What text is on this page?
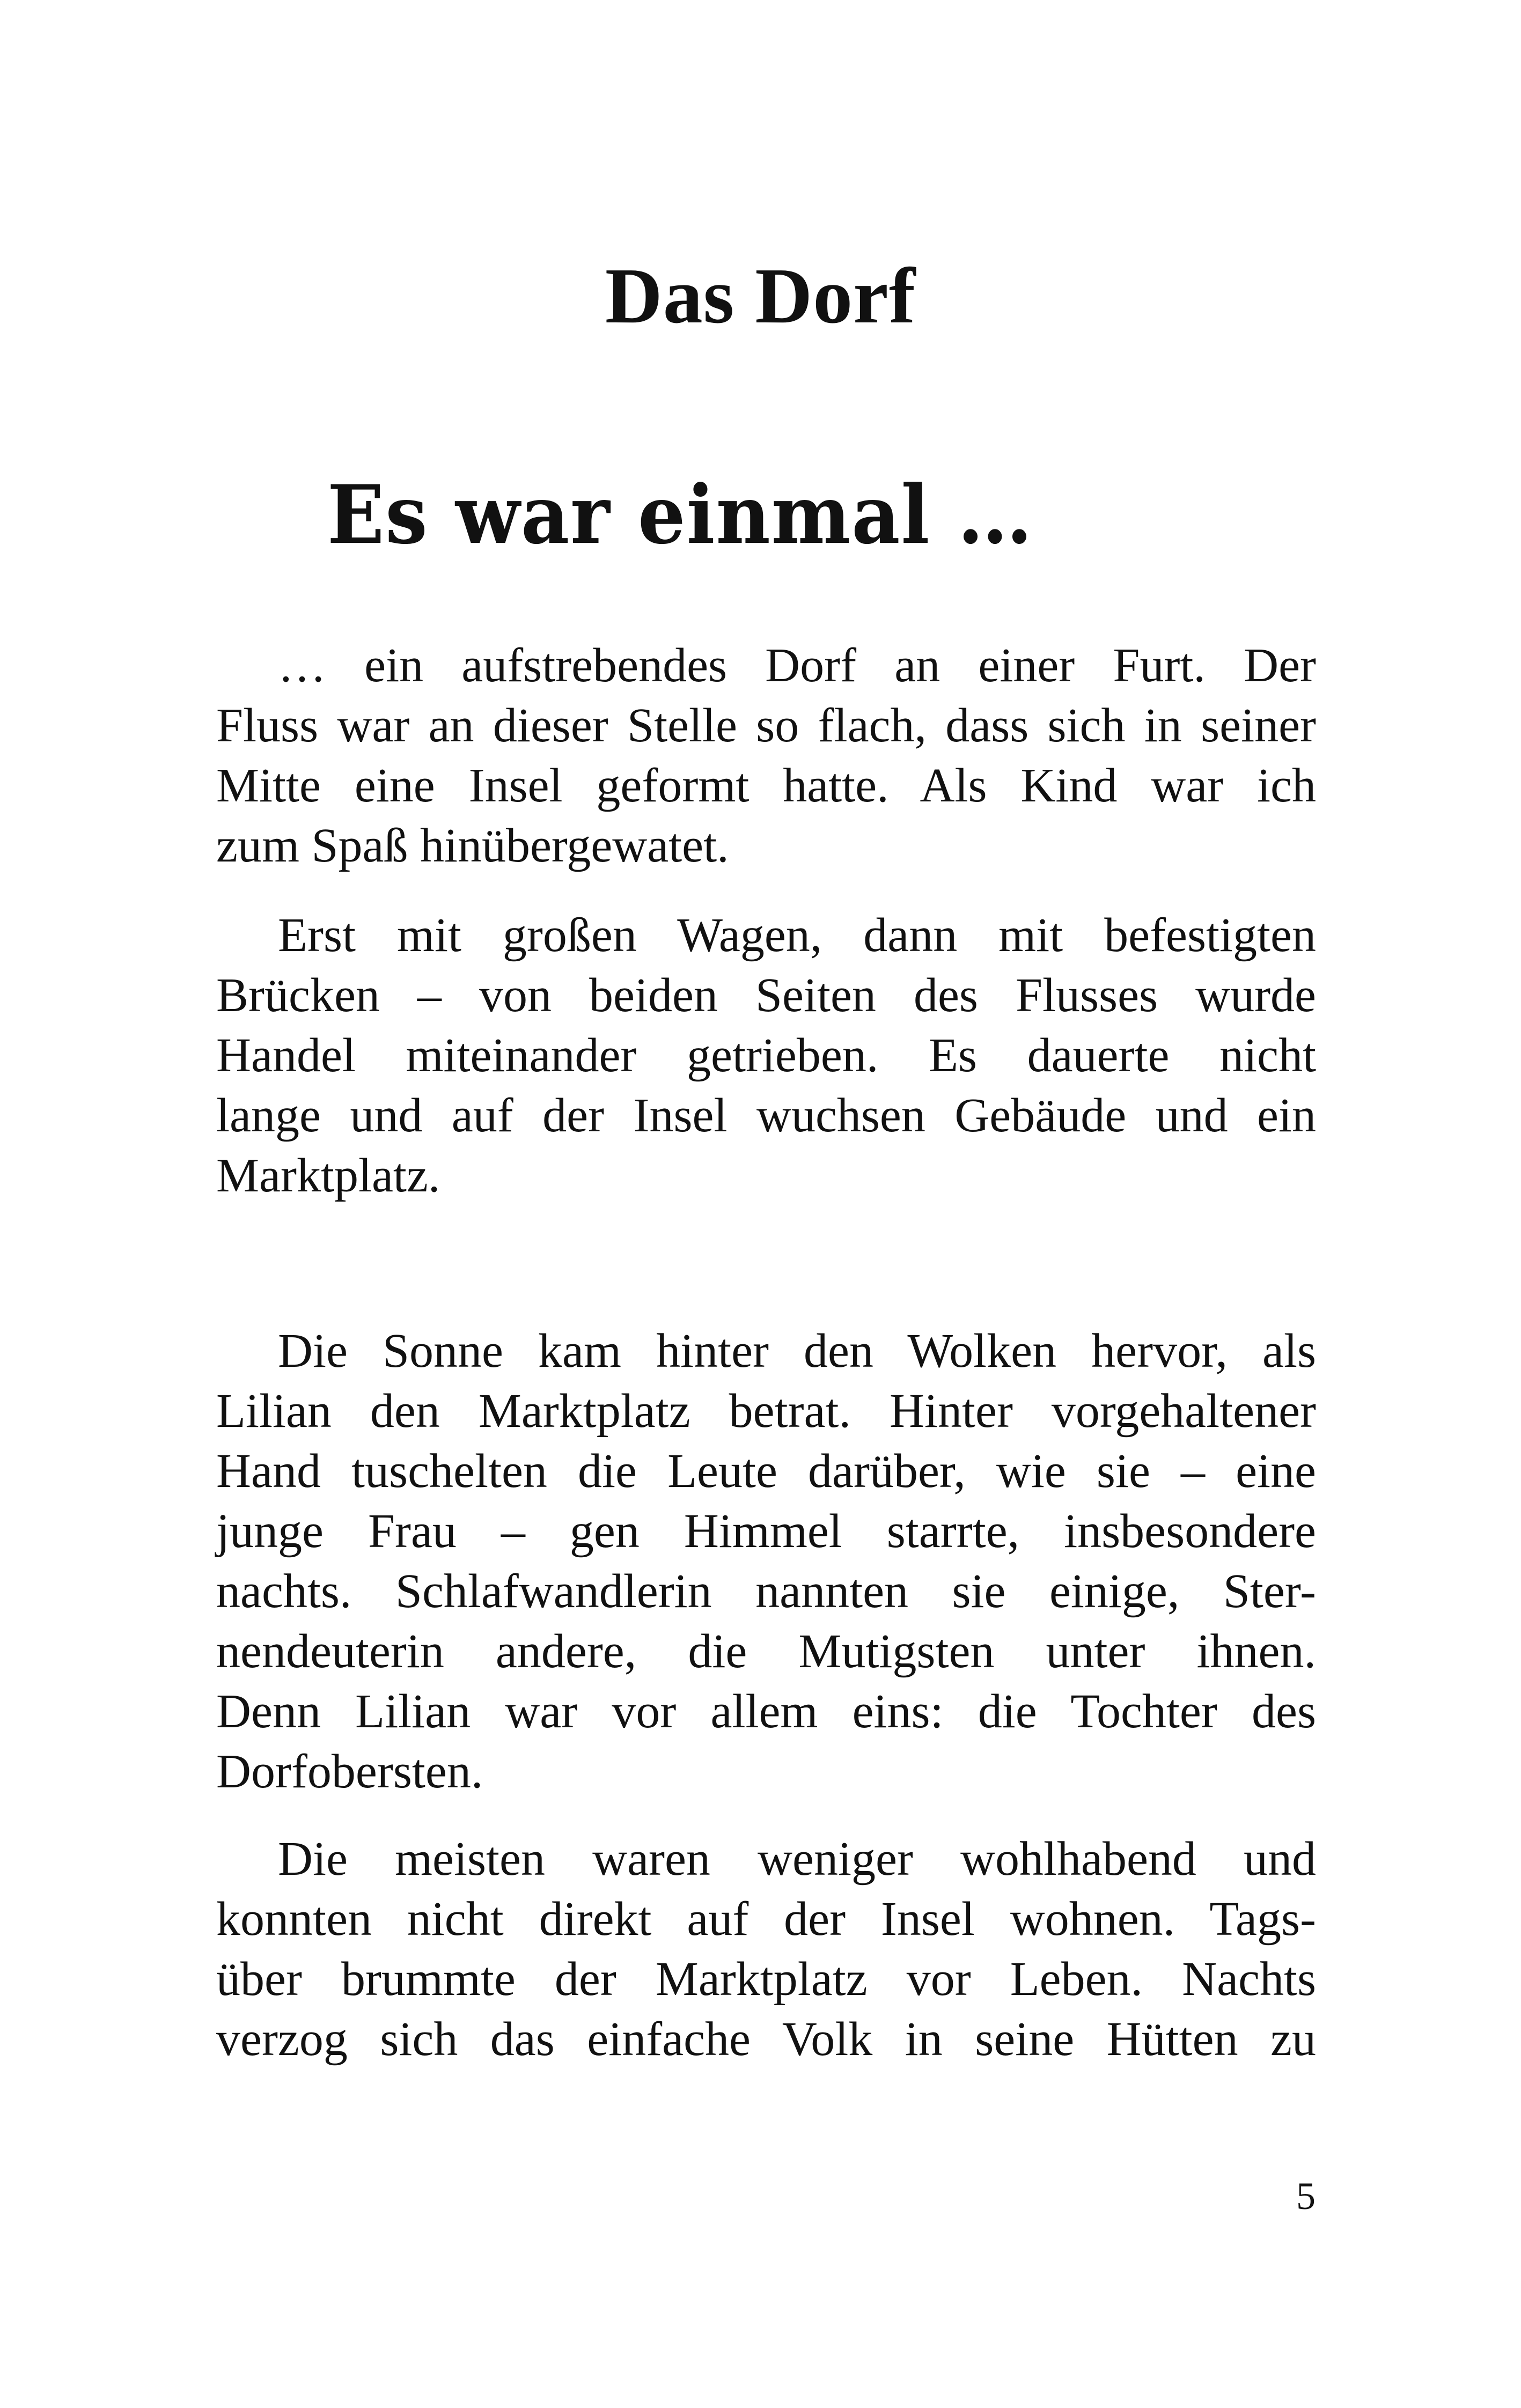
Das Dorf
Es war einmal …
… ein aufstrebendes Dorf an einer Furt. Der
Fluss war an dieser Stelle so flach, dass sich in seiner
Mitte eine Insel geformt hatte. Als Kind war ich
zum Spaß hinübergewatet.
Erst mit großen Wagen, dann mit befestigten
Brücken – von beiden Seiten des Flusses wurde
Handel miteinander getrieben. Es dauerte nicht
lange und auf der Insel wuchsen Gebäude und ein
Marktplatz.
Die Sonne kam hinter den Wolken hervor, als
Lilian den Marktplatz betrat. Hinter vorgehaltener
Hand tuschelten die Leute darüber, wie sie – eine
junge Frau – gen Himmel starrte, insbesondere
nachts. Schlafwandlerin nannten sie einige, Ster-
nendeuterin andere, die Mutigsten unter ihnen.
Denn Lilian war vor allem eins: die Tochter des
Dorfobersten.
Die meisten waren weniger wohlhabend und
konnten nicht direkt auf der Insel wohnen. Tags-
über brummte der Marktplatz vor Leben. Nachts
verzog sich das einfache Volk in seine Hütten zu
5
